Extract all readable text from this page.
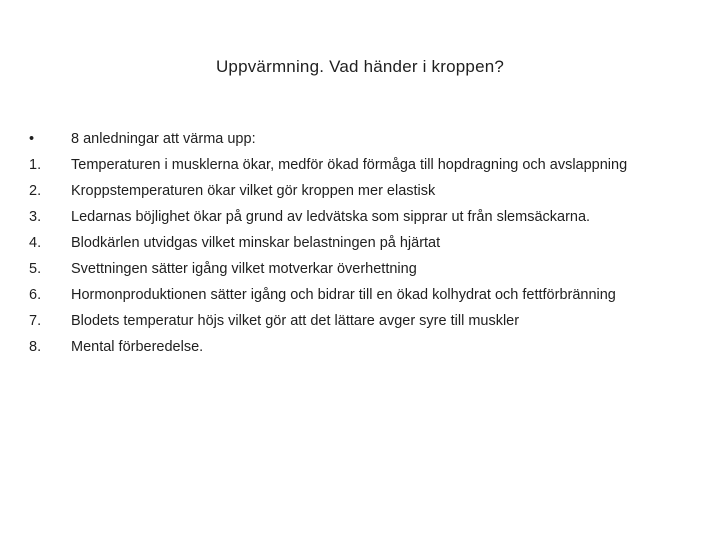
Uppvärmning. Vad händer i kroppen?
•	8 anledningar att värma upp:
1.	Temperaturen i musklerna ökar, medför ökad förmåga till hopdragning och avslappning
2.	Kroppstemperaturen ökar vilket gör kroppen mer elastisk
3.	Ledarnas böjlighet ökar på grund av ledvätska som sipprar ut från slemsäckarna.
4.	Blodkärlen utvidgas vilket minskar belastningen på hjärtat
5.	Svettningen sätter igång vilket motverkar överhettning
6.	Hormonproduktionen sätter igång och bidrar till en ökad kolhydrat och fettförbränning
7.	Blodets temperatur höjs vilket gör att det lättare avger syre till muskler
8.	Mental förberedelse.
